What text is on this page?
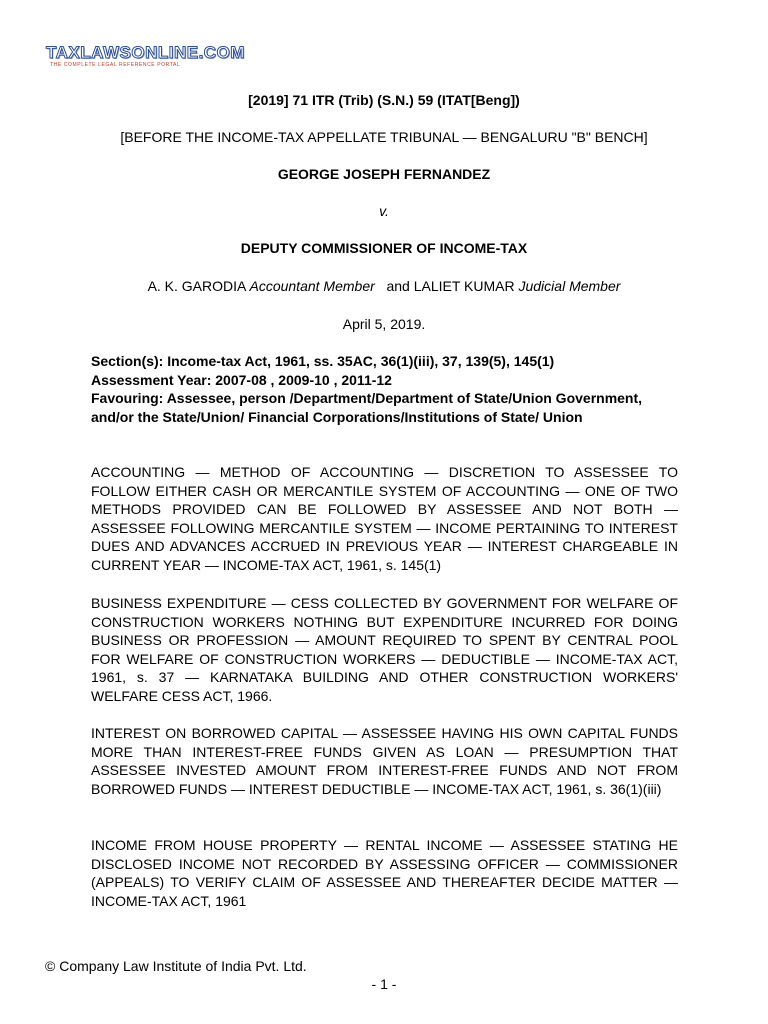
TAXLAWSONLINE.COM
THE COMPLETE LEGAL REFERENCE PORTAL
[2019] 71 ITR (Trib) (S.N.) 59 (ITAT[Beng])
[BEFORE THE INCOME-TAX APPELLATE TRIBUNAL — BENGALURU "B" BENCH]
GEORGE JOSEPH FERNANDEZ
v.
DEPUTY COMMISSIONER OF INCOME-TAX
A. K. GARODIA Accountant Member and LALIET KUMAR Judicial Member
April 5, 2019.
Section(s): Income-tax Act, 1961, ss. 35AC, 36(1)(iii), 37, 139(5), 145(1)
Assessment Year: 2007-08 , 2009-10 , 2011-12
Favouring: Assessee, person /Department/Department of State/Union Government, and/or the State/Union/ Financial Corporations/Institutions of State/ Union
ACCOUNTING — METHOD OF ACCOUNTING — DISCRETION TO ASSESSEE TO FOLLOW EITHER CASH OR MERCANTILE SYSTEM OF ACCOUNTING — ONE OF TWO METHODS PROVIDED CAN BE FOLLOWED BY ASSESSEE AND NOT BOTH — ASSESSEE FOLLOWING MERCANTILE SYSTEM — INCOME PERTAINING TO INTEREST DUES AND ADVANCES ACCRUED IN PREVIOUS YEAR — INTEREST CHARGEABLE IN CURRENT YEAR — INCOME-TAX ACT, 1961, s. 145(1)
BUSINESS EXPENDITURE — CESS COLLECTED BY GOVERNMENT FOR WELFARE OF CONSTRUCTION WORKERS NOTHING BUT EXPENDITURE INCURRED FOR DOING BUSINESS OR PROFESSION — AMOUNT REQUIRED TO SPENT BY CENTRAL POOL FOR WELFARE OF CONSTRUCTION WORKERS — DEDUCTIBLE — INCOME-TAX ACT, 1961, s. 37 — KARNATAKA BUILDING AND OTHER CONSTRUCTION WORKERS' WELFARE CESS ACT, 1966.
INTEREST ON BORROWED CAPITAL — ASSESSEE HAVING HIS OWN CAPITAL FUNDS MORE THAN INTEREST-FREE FUNDS GIVEN AS LOAN — PRESUMPTION THAT ASSESSEE INVESTED AMOUNT FROM INTEREST-FREE FUNDS AND NOT FROM BORROWED FUNDS — INTEREST DEDUCTIBLE — INCOME-TAX ACT, 1961, s. 36(1)(iii)
INCOME FROM HOUSE PROPERTY — RENTAL INCOME — ASSESSEE STATING HE DISCLOSED INCOME NOT RECORDED BY ASSESSING OFFICER — COMMISSIONER (APPEALS) TO VERIFY CLAIM OF ASSESSEE AND THEREAFTER DECIDE MATTER — INCOME-TAX ACT, 1961
© Company Law Institute of India Pvt. Ltd.
- 1 -
